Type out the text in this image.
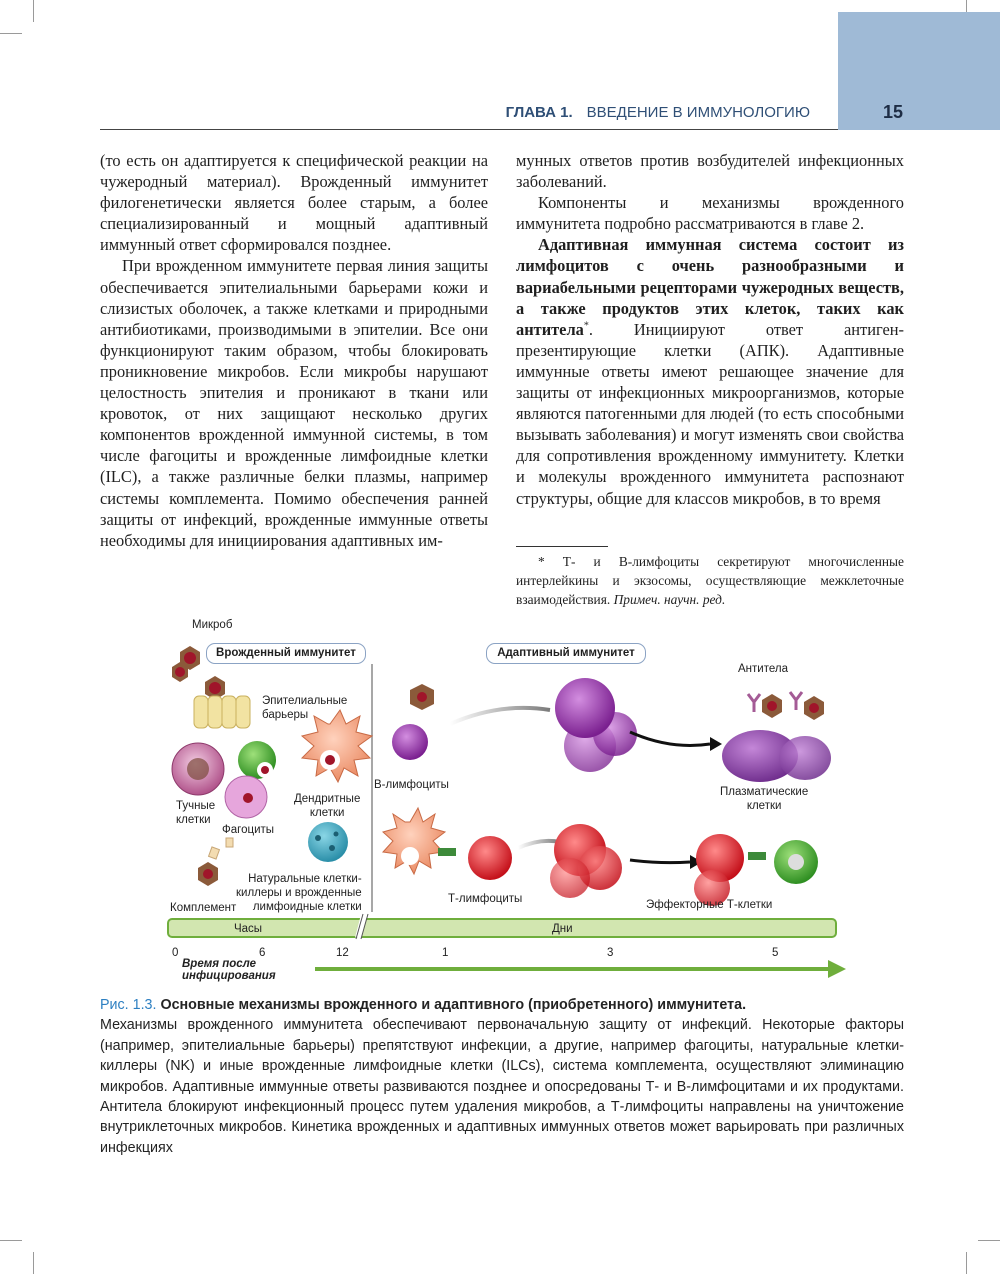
ГЛАВА 1. ВВЕДЕНИЕ В ИММУНОЛОГИЮ	15

(то есть он адаптируется к специфической реакции на чужеродный материал). Врожденный иммунитет филогенетически является более старым, а более специализированный и мощный адаптивный иммунный ответ сформировался позднее.

При врожденном иммунитете первая линия защиты обеспечивается эпителиальными барьерами кожи и слизистых оболочек, а также клетками и природными антибиотиками, производимыми в эпителии. Все они функционируют таким образом, чтобы блокировать проникновение микробов. Если микробы нарушают целостность эпителия и проникают в ткани или кровоток, от них защищают несколько других компонентов врожденной иммунной системы, в том числе фагоциты и врожденные лимфоидные клетки (ILC), а также различные белки плазмы, например системы комплемента. Помимо обеспечения ранней защиты от инфекций, врожденные иммунные ответы необходимы для инициирования адаптивных им-

мунных ответов против возбудителей инфекционных заболеваний.

Компоненты и механизмы врожденного иммунитета подробно рассматриваются в главе 2.

Адаптивная иммунная система состоит из лимфоцитов с очень разнообразными и вариабельными рецепторами чужеродных веществ, а также продуктов этих клеток, таких как антитела*. Инициируют ответ антиген-презентирующие клетки (АПК). Адаптивные иммунные ответы имеют решающее значение для защиты от инфекционных микроорганизмов, которые являются патогенными для людей (то есть способными вызывать заболевания) и могут изменять свои свойства для сопротивления врожденному иммунитету. Клетки и молекулы врожденного иммунитета распознают структуры, общие для классов микробов, в то время

* Т- и В-лимфоциты секретируют многочисленные интерлейкины и экзосомы, осуществляющие межклеточные взаимодействия. Примеч. научн. ред.

Микроб
Врожденный иммунитет	Адаптивный иммунитет
Эпителиальные
барьеры
Тучные
клетки
Фагоциты
Дендритные
клетки
Комплемент
Натуральные клетки-
киллеры и врожденные
лимфоидные клетки
В-лимфоциты
Антитела
Плазматические
клетки
Т-лимфоциты	Эффекторные Т-клетки
Часы	Дни
0	6	12	1	3	5
Время после
инфицирования

Рис. 1.3. Основные механизмы врожденного и адаптивного (приобретенного) иммунитета.

Механизмы врожденного иммунитета обеспечивают первоначальную защиту от инфекций. Некоторые факторы (например, эпителиальные барьеры) препятствуют инфекции, а другие, например фагоциты, натуральные клетки-киллеры (NK) и иные врожденные лимфоидные клетки (ILCs), система комплемента, осуществляют элиминацию микробов. Адаптивные иммунные ответы развиваются позднее и опосредованы Т- и В-лимфоцитами и их продуктами. Антитела блокируют инфекционный процесс путем удаления микробов, а Т-лимфоциты направлены на уничтожение внутриклеточных микробов. Кинетика врожденных и адаптивных иммунных ответов может варьировать при различных инфекциях
